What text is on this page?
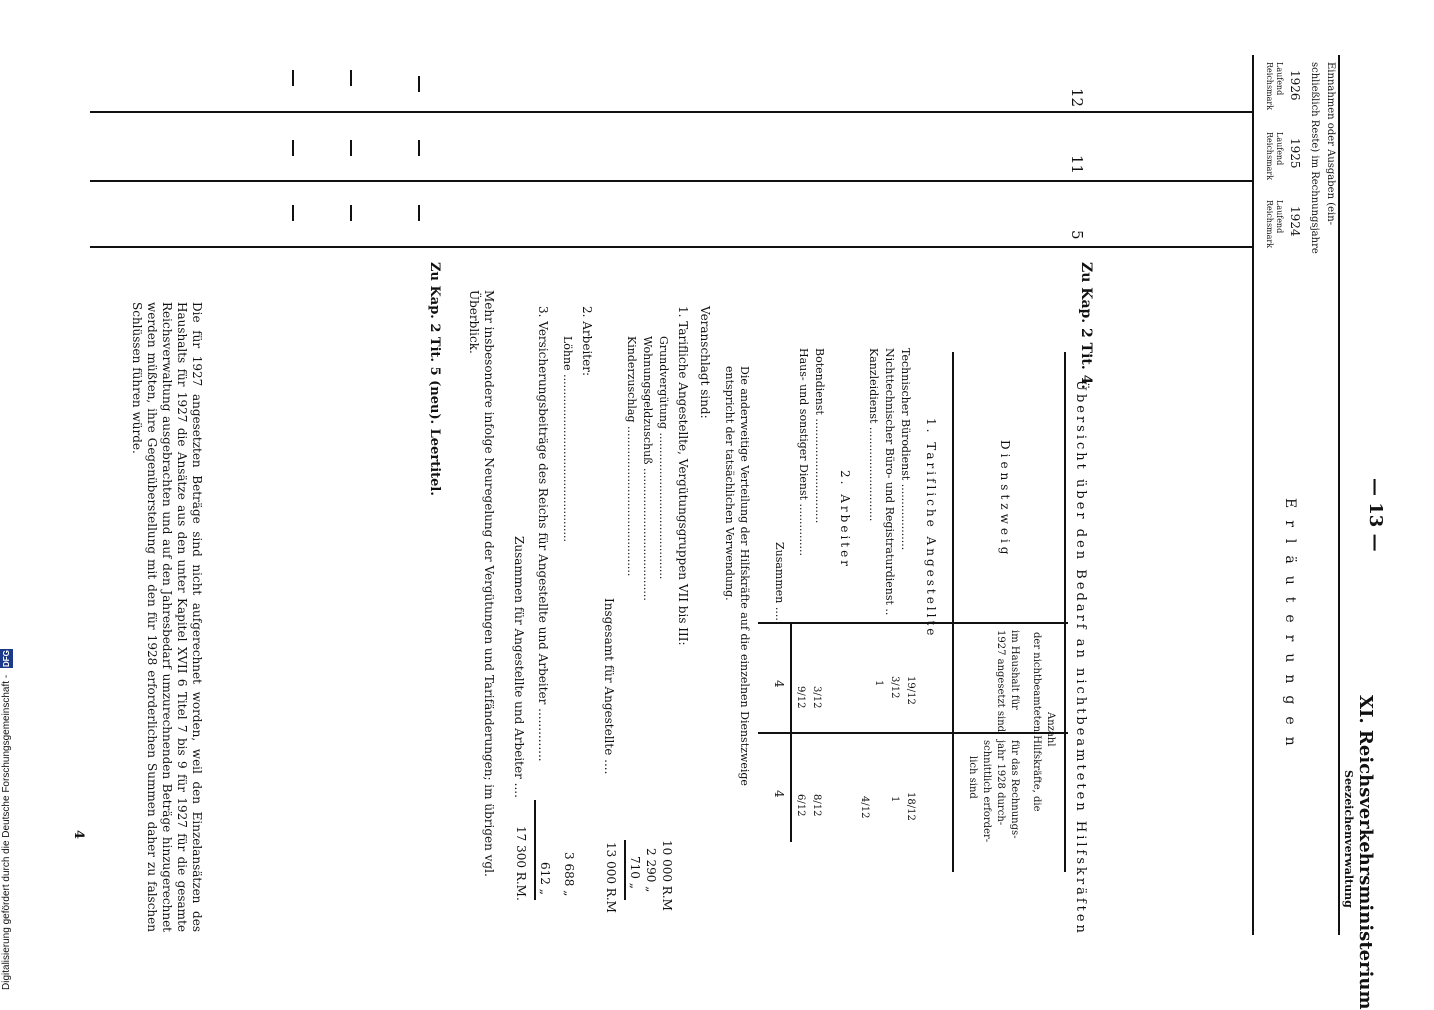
XI. Reichsverkehrsministerium
Seezeichenverwaltung
— 13 —
Erläuterungen
1926
1925
1924 Einnahmen oder Ausgaben (ein-
schließlich Reste) im Rechnungsjahre
Laufend Reichsmark
Laufend Reichsmark
Laufend Reichsmark
12
11
5
Zu Kap. 2 Tit. 4.
Übersicht über den Bedarf an nichtbeamteten Hilfskräften
Dienstzweig
Anzahl
der nichtbeamteten Hilfskräfte, die
im Haushalt für
1927 angesetzt sind
für das Rechnungs-
jahr 1928 durch-
schnittlich erforder-
lich sind
1. Tarifliche Angestellte
Technischer Bürodienst ...................
Nichttechnischer Büro- und Registraturdienst ..
Kanzleidienst ...........................
19/12
3/12
1
18/12
1
4/12
2. Arbeiter
Botendienst ..............................
Haus- und sonstiger Dienst ...............
3/12
9/12
8/12
6/12
Zusammen .....
4
4
Die anderweitige Verteilung der Hilfskräfte auf die einzelnen Dienstzweige entspricht der tatsächlichen Verwendung.
Veranschlagt sind:
1. Tarifliche Angestellte, Vergütungsgruppen VII bis III:
Grundvergütung ..........................................
Wohnungsgeldzuschuß ......................................
Kinderzuschlag ...........................................
10 000 R.M
2 290 „
710 „
Insgesamt für Angestellte ....
13 000 R.M
2. Arbeiter:
Löhne ................................................
3 688 „
3. Versicherungsbeiträge des Reichs für Angestellte und Arbeiter ..............
612 „
Zusammen für Angestellte und Arbeiter ....
17 300 R.M.
Mehr insbesondere infolge Neuregelung der Vergütungen und Tarifänderungen; im übrigen vgl. Überblick.
Zu Kap. 2 Tit. 5 (neu). Leertitel.
Die für 1927 angesetzten Beträge sind nicht aufgerechnet worden, weil den Einzelansätzen des Haushalts für 1927 die Ansätze aus den unter Kapitel XVII 6 Titel 7 bis 9 für 1927 für die gesamte Reichsverwaltung ausgebrachten und auf den Jahresbedarf umzurechnenden Beträge hinzugerechnet werden müßten, ihre Gegenüberstellung mit den für 1928 erforderlichen Summen daher zu falschen Schlüssen führen würde.
4
Digitalisierung gefördert durch die Deutsche Forschungsgemeinschaft - DFG
